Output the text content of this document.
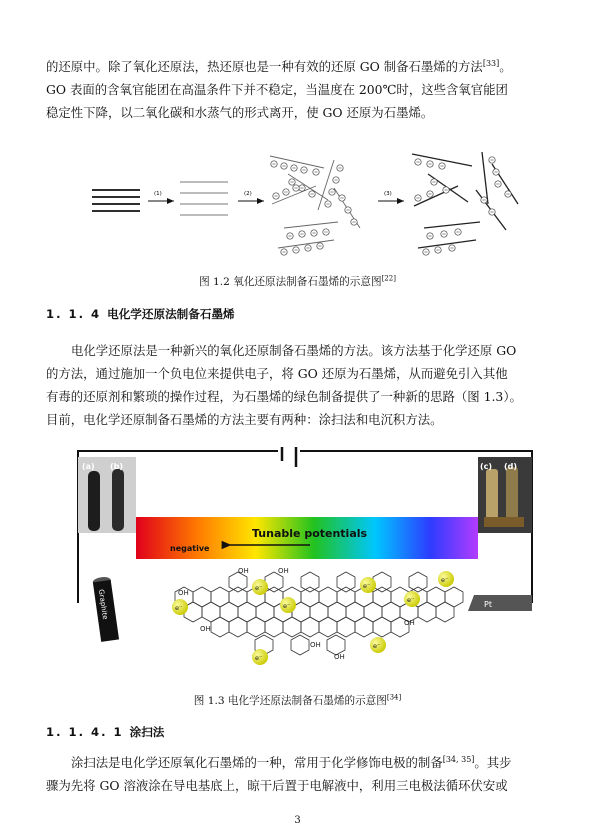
的还原中。除了氧化还原法，热还原也是一种有效的还原 GO 制备石墨烯的方法[33]。
GO 表面的含氧官能团在高温条件下并不稳定，当温度在 200℃时，这些含氧官能团
稳定性下降，以二氧化碳和水蒸气的形式离开，使 GO 还原为石墨烯。
(1)	(2)	(3)
图 1.2 氧化还原法制备石墨烯的示意图[22]
1. 1. 4 电化学还原法制备石墨烯
电化学还原法是一种新兴的氧化还原制备石墨烯的方法。该方法基于化学还原 GO
的方法，通过施加一个负电位来提供电子，将 GO 还原为石墨烯，从而避免引入其他
有毒的还原剂和繁琐的操作过程，为石墨烯的绿色制备提供了一种新的思路（图 1.3）。
目前，电化学还原制备石墨烯的方法主要有两种：涂扫法和电沉积方法。
(a) (b)	(c) (d)
Tunable potentials
negative
Graphite	Pt
OH	OH
OH
OH
OH
OH
OH
e⁻
e⁻
e⁻
e⁻
e⁻
e⁻
e⁻
e⁻
图 1.3 电化学还原法制备石墨烯的示意图[34]
1. 1. 4. 1 涂扫法
涂扫法是电化学还原氧化石墨烯的一种，常用于化学修饰电极的制备[34, 35]。其步
骤为先将 GO 溶液涂在导电基底上，晾干后置于电解液中，利用三电极法循环伏安或
3
